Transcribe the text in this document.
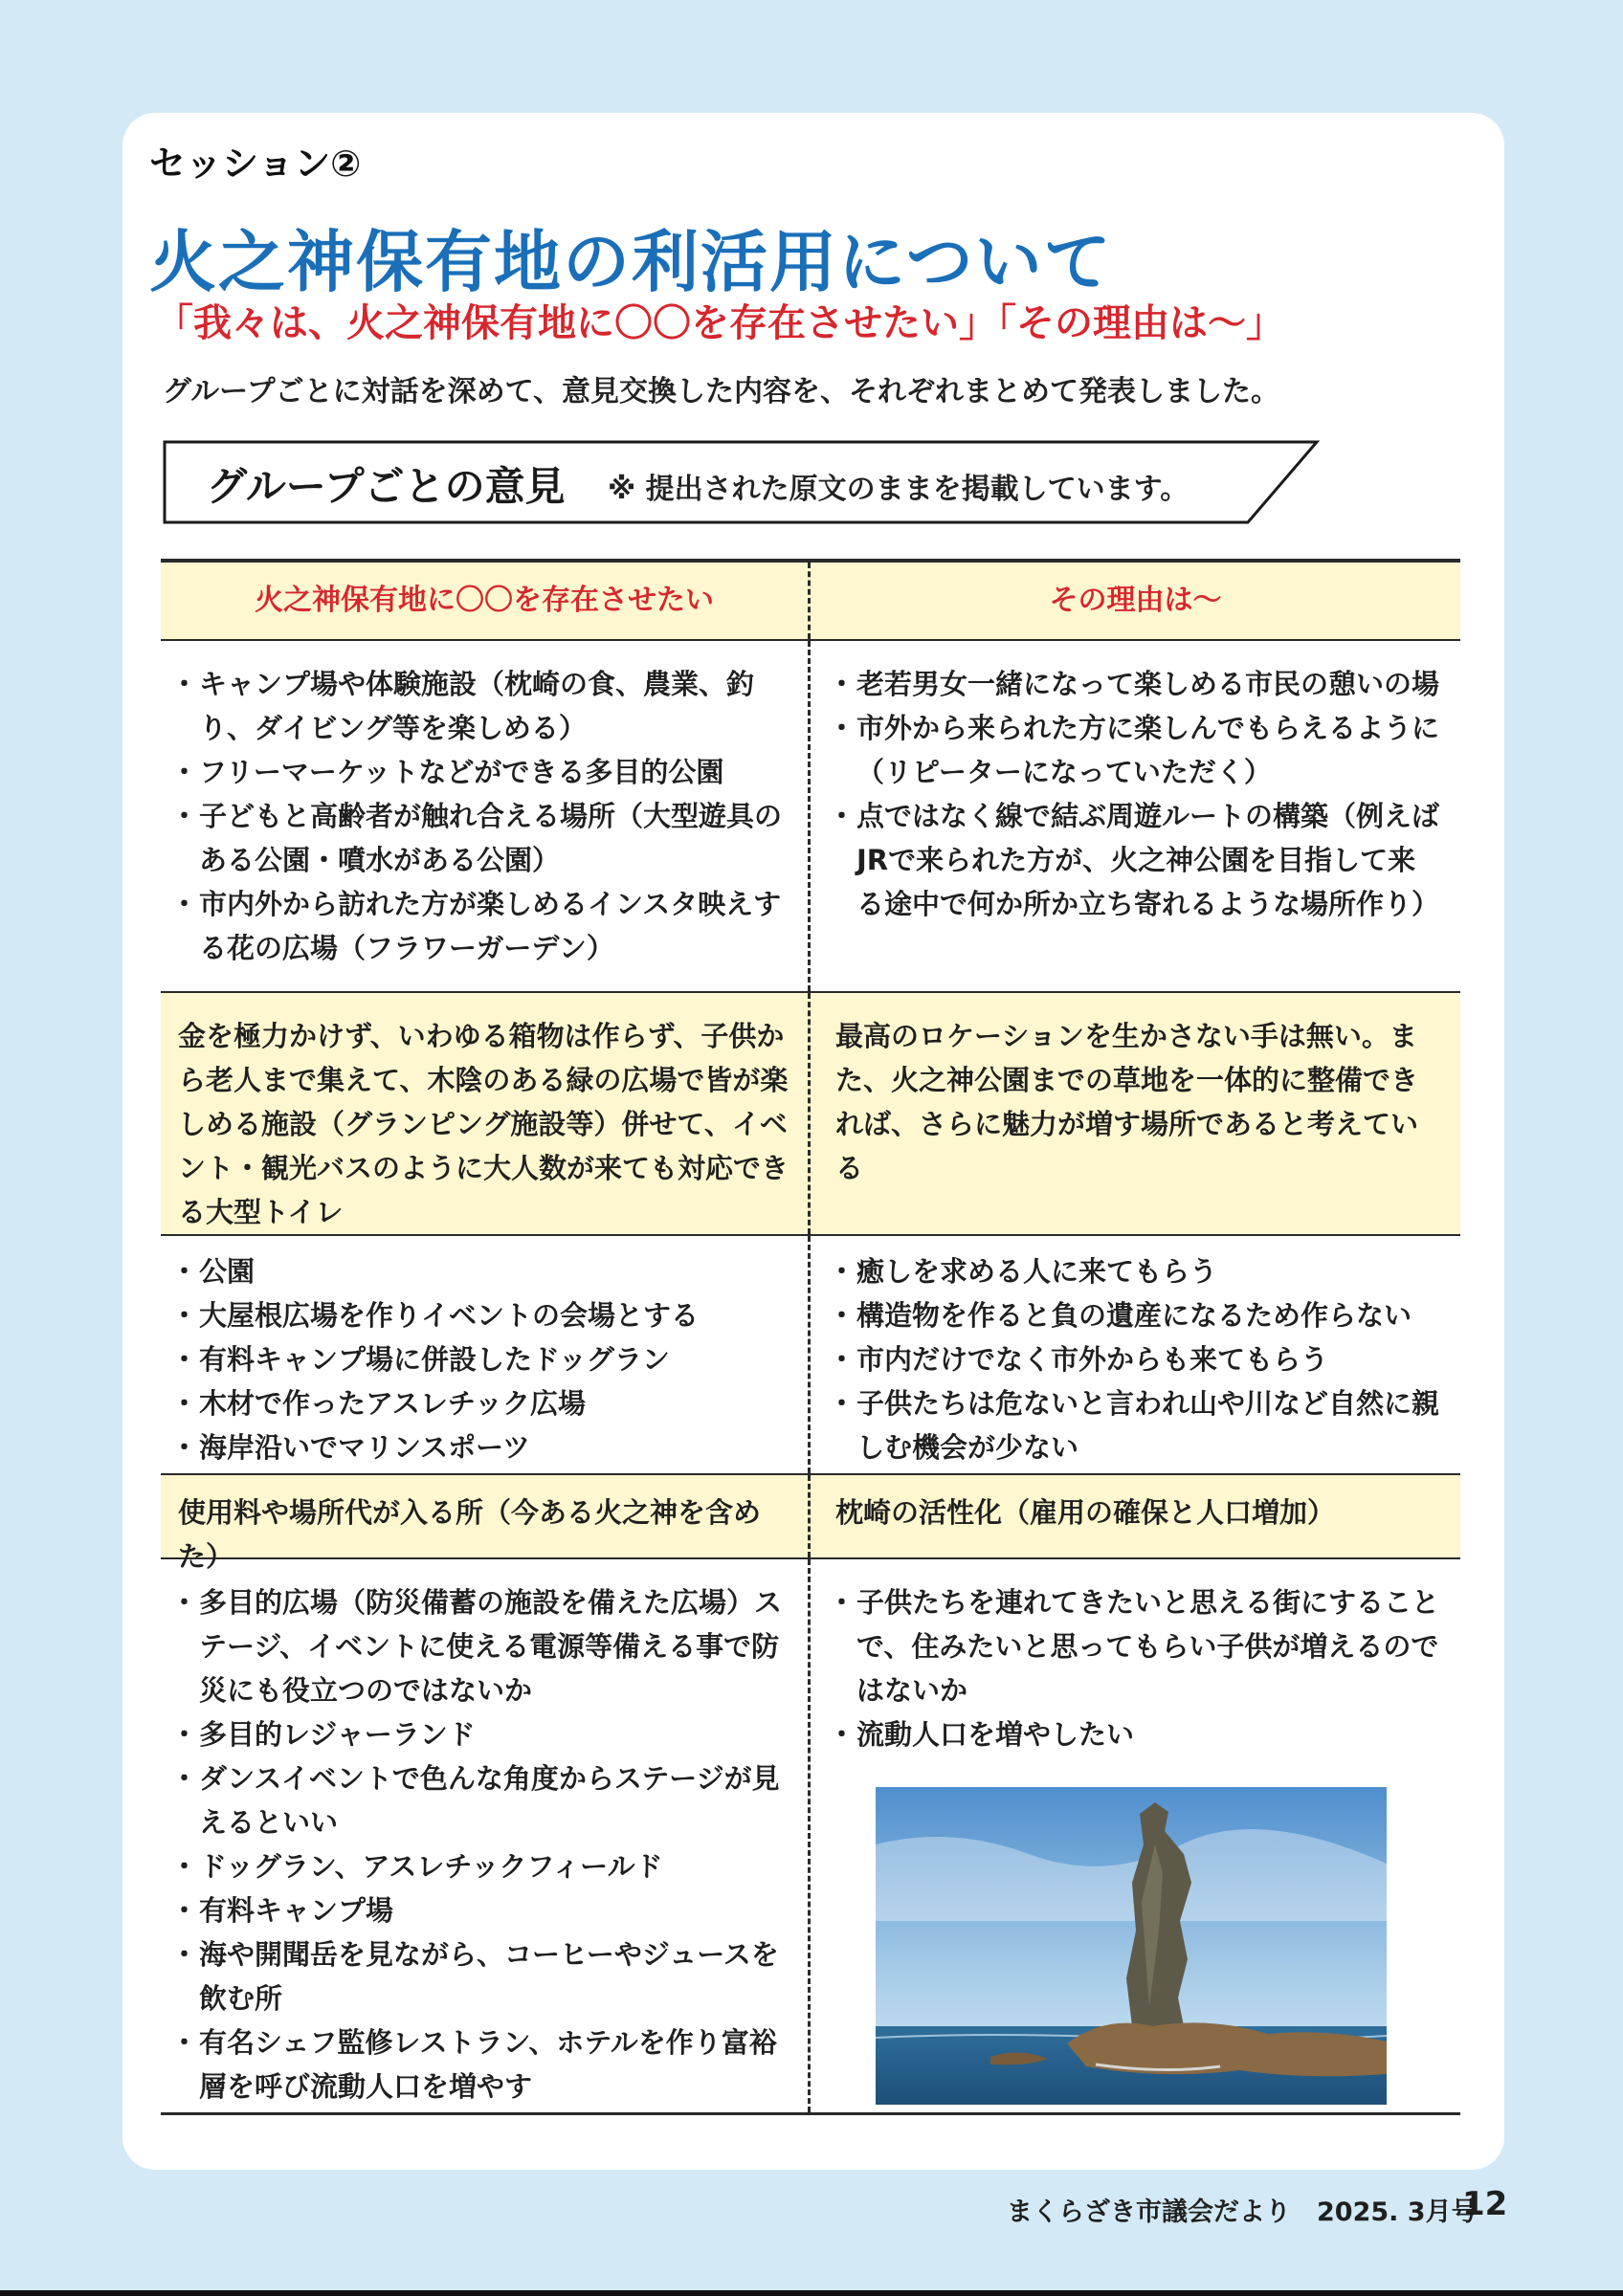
セッション②
火之神保有地の利活用について
「我々は、火之神保有地に〇〇を存在させたい」「その理由は～」
グループごとに対話を深めて、意見交換した内容を、それぞれまとめて発表しました。
グループごとの意見 ※ 提出された原文のままを掲載しています。
火之神保有地に〇〇を存在させたい	その理由は～
・ キャンプ場や体験施設（枕崎の食、農業、釣り、ダイビング等を楽しめる）
・ フリーマーケットなどができる多目的公園
・ 子どもと高齢者が触れ合える場所（大型遊具のある公園・噴水がある公園）
・ 市内外から訪れた方が楽しめるインスタ映えする花の広場（フラワーガーデン）
・ 老若男女一緒になって楽しめる市民の憩いの場
・ 市外から来られた方に楽しんでもらえるように（リピーターになっていただく）
・ 点ではなく線で結ぶ周遊ルートの構築（例えばJRで来られた方が、火之神公園を目指して来る途中で何か所か立ち寄れるような場所作り）

金を極力かけず、いわゆる箱物は作らず、子供から老人まで集えて、木陰のある緑の広場で皆が楽しめる施設（グランピング施設等）併せて、イベント・観光バスのように大人数が来ても対応できる大型トイレ

最高のロケーションを生かさない手は無い。また、火之神公園までの草地を一体的に整備できれば、さらに魅力が増す場所であると考えている

・ 公園
・ 大屋根広場を作りイベントの会場とする
・ 有料キャンプ場に併設したドッグラン
・ 木材で作ったアスレチック広場
・ 海岸沿いでマリンスポーツ
・ 癒しを求める人に来てもらう
・ 構造物を作ると負の遺産になるため作らない
・ 市内だけでなく市外からも来てもらう
・ 子供たちは危ないと言われ山や川など自然に親しむ機会が少ない

使用料や場所代が入る所（今ある火之神を含めた）

枕崎の活性化（雇用の確保と人口増加）

・ 多目的広場（防災備蓄の施設を備えた広場）ステージ、イベントに使える電源等備える事で防災にも役立つのではないか
・ 多目的レジャーランド
・ ダンスイベントで色んな角度からステージが見えるといい
・ ドッグラン、アスレチックフィールド
・ 有料キャンプ場
・ 海や開聞岳を見ながら、コーヒーやジュースを飲む所
・ 有名シェフ監修レストラン、ホテルを作り富裕層を呼び流動人口を増やす
・ 子供たちを連れてきたいと思える街にすることで、住みたいと思ってもらい子供が増えるのではないか
・ 流動人口を増やしたい
まくらざき市議会だより　2025. 3月号
12
